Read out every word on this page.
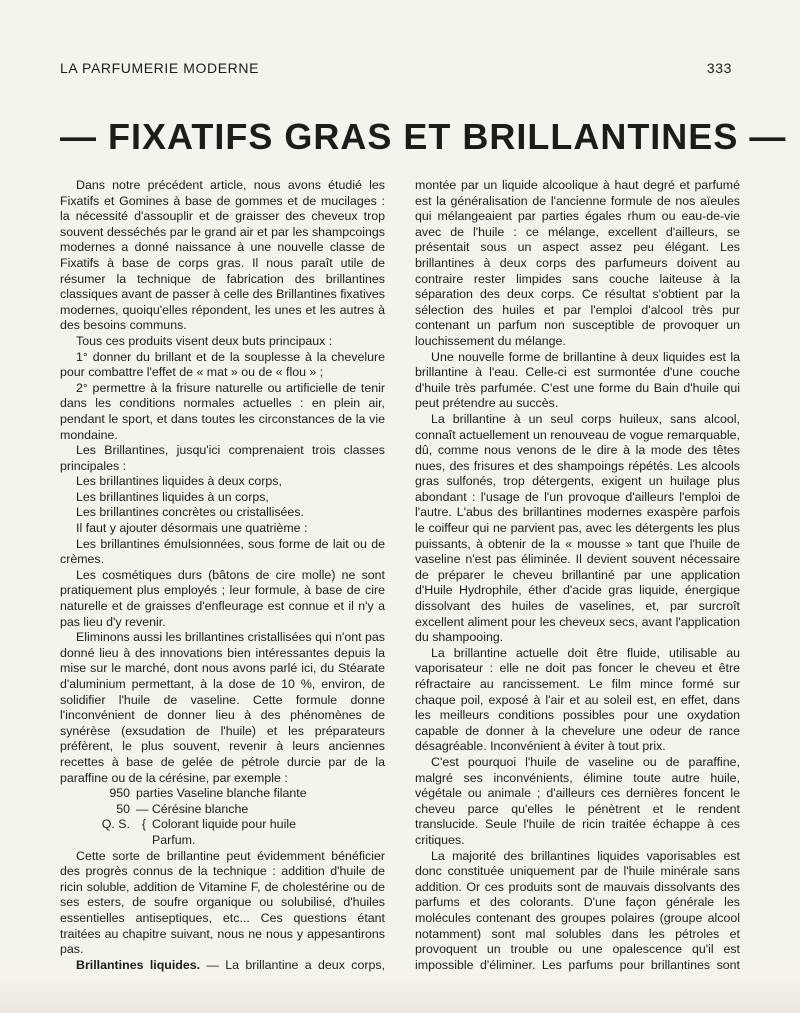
LA PARFUMERIE MODERNE	333
— FIXATIFS GRAS ET BRILLANTINES —

Dans notre précédent article, nous avons étudié les Fixatifs et Gomines à base de gommes et de mucilages : la nécessité d'assouplir et de graisser des cheveux trop souvent desséchés par le grand air et par les shampcoings modernes a donné naissance à une nouvelle classe de Fixatifs à base de corps gras. Il nous paraît utile de résumer la technique de fabrication des brillantines classiques avant de passer à celle des Brillantines fixatives modernes, quoiqu'elles répondent, les unes et les autres à des besoins communs.

Tous ces produits visent deux buts principaux :

1° donner du brillant et de la souplesse à la chevelure pour combattre l'effet de « mat » ou de « flou » ;

2° permettre à la frisure naturelle ou artificielle de tenir dans les conditions normales actuelles : en plein air, pendant le sport, et dans toutes les circonstances de la vie mondaine.

Les Brillantines, jusqu'ici comprenaient trois classes principales :

Les brillantines liquides à deux corps,

Les brillantines liquides à un corps,

Les brillantines concrètes ou cristallisées.

Il faut y ajouter désormais une quatrième :

Les brillantines émulsionnées, sous forme de lait ou de crèmes.

Les cosmétiques durs (bâtons de cire molle) ne sont pratiquement plus employés ; leur formule, à base de cire naturelle et de graisses d'enfleurage est connue et il n'y a pas lieu d'y revenir.

Eliminons aussi les brillantines cristallisées qui n'ont pas donné lieu à des innovations bien intéressantes depuis la mise sur le marché, dont nous avons parlé ici, du Stéarate d'aluminium permettant, à la dose de 10 %, environ, de solidifier l'huile de vaseline. Cette formule donne l'inconvénient de donner lieu à des phénomènes de synérèse (exsudation de l'huile) et les préparateurs préfèrent, le plus souvent, revenir à leurs anciennes recettes à base de gelée de pétrole durcie par de la paraffine ou de la cérésine, par exemple :

950 parties Vaseline blanche filante
50 — Cérésine blanche
Q. S. { Colorant liquide pour huile
Parfum.

Cette sorte de brillantine peut évidemment bénéficier des progrès connus de la technique : addition d'huile de ricin soluble, addition de Vitamine F, de cholestérine ou de ses esters, de soufre organique ou solubilisé, d'huiles essentielles antiseptiques, etc... Ces questions étant traitées au chapitre suivant, nous ne nous y appesantirons pas.

Brillantines liquides. — La brillantine a deux corps,

montée par un liquide alcoolique à haut degré et parfumé est la généralisation de l'ancienne formule de nos aïeules qui mélangeaient par parties égales rhum ou eau-de-vie avec de l'huile : ce mélange, excellent d'ailleurs, se présentait sous un aspect assez peu élégant. Les brillantines à deux corps des parfumeurs doivent au contraire rester limpides sans couche laiteuse à la séparation des deux corps. Ce résultat s'obtient par la sélection des huiles et par l'emploi d'alcool très pur contenant un parfum non susceptible de provoquer un louchissement du mélange.

Une nouvelle forme de brillantine à deux liquides est la brillantine à l'eau. Celle-ci est surmontée d'une couche d'huile très parfumée. C'est une forme du Bain d'huile qui peut prétendre au succès.

La brillantine à un seul corps huileux, sans alcool, connaît actuellement un renouveau de vogue remarquable, dû, comme nous venons de le dire à la mode des têtes nues, des frisures et des shampoings répétés. Les alcools gras sulfonés, trop détergents, exigent un huilage plus abondant : l'usage de l'un provoque d'ailleurs l'emploi de l'autre. L'abus des brillantines modernes exaspère parfois le coiffeur qui ne parvient pas, avec les détergents les plus puissants, à obtenir de la « mousse » tant que l'huile de vaseline n'est pas éliminée. Il devient souvent nécessaire de préparer le cheveu brillantiné par une application d'Huile Hydrophile, éther d'acide gras liquide, énergique dissolvant des huiles de vaselines, et, par surcroît excellent aliment pour les cheveux secs, avant l'application du shampooing.

La brillantine actuelle doit être fluide, utilisable au vaporisateur : elle ne doit pas foncer le cheveu et être réfractaire au rancissement. Le film mince formé sur chaque poil, exposé à l'air et au soleil est, en effet, dans les meilleurs conditions possibles pour une oxydation capable de donner à la chevelure une odeur de rance désagréable. Inconvénient à éviter à tout prix.

C'est pourquoi l'huile de vaseline ou de paraffine, malgré ses inconvénients, élimine toute autre huile, végétale ou animale ; d'ailleurs ces dernières foncent le cheveu parce qu'elles le pénètrent et le rendent translucide. Seule l'huile de ricin traitée échappe à ces critiques.

La majorité des brillantines liquides vaporisables est donc constituée uniquement par de l'huile minérale sans addition. Or ces produits sont de mauvais dissolvants des parfums et des colorants. D'une façon générale les molécules contenant des groupes polaires (groupe alcool notamment) sont mal solubles dans les pétroles et provoquent un trouble ou une opalescence qu'il est impossible d'éliminer. Les parfums pour brillantines sont
